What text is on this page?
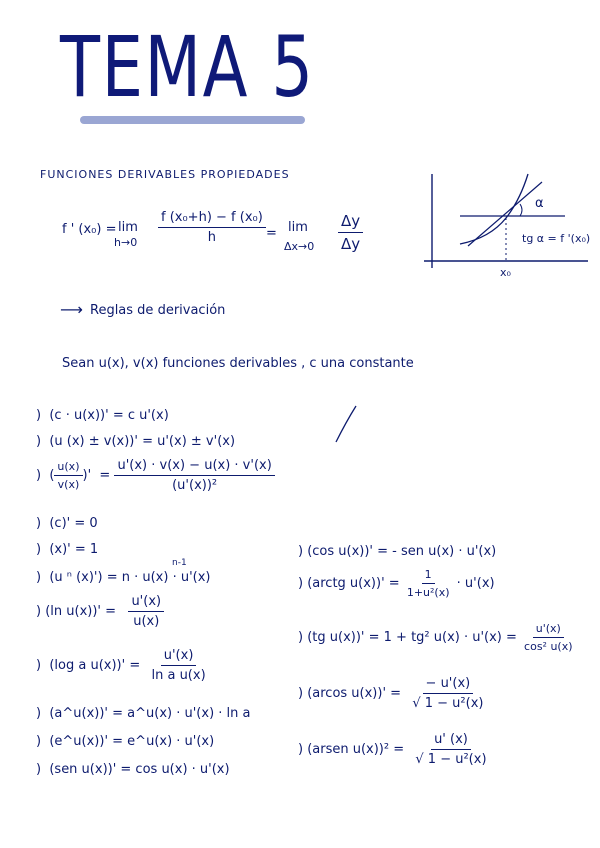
TEMA 5
FUNCIONES DERIVABLES PROPIEDADES
f ' (x₀) = lim
$h\to 0 \frac{\text{f (x₀+h) − f (x₀)}}{h} = \lim$
$\Delta x\to 0 \frac{\Delta y}{\Delta y}$
α
tg α = f '(x₀)
x₀
⟶ Reglas de derivación
Sean u(x), v(x) funciones derivables , c una constante
) (c · u(x))' = c u'(x)
) (u (x) ± v(x))' = u'(x) ± v'(x)
)  ( $\frac{u(x)}{v(x)}$ )'  = $\frac{u'(x) \cdot v(x) - u(x) \cdot v'(x)}{\text{(u'(x))²}}$
) (c)' = 0
) (x)' = 1
n-1
) (u ⁿ (x)') = n · u(x) · u'(x)
) (ln $u(x))' = \frac{u'(x)}{u(x)}$
) (log a $u(x))' = \frac{u'(x)}{\text{ln a u(x)}}$
) (a^u(x))' = a^u(x) · u'(x) · ln a
) (e^u(x))' = e^u(x) · u'(x)
) (sen u(x))' = cos u(x) · u'(x)
) (cos u(x))' = - sen u(x) · u'(x)
) (arctg $u(x))' = \frac{1}{\text{1+u²(x)}} \cdot u'(x)$
) (tg u(x))' = 1 + tg² $u(x) \cdot u'(x) = \frac{u'(x)}{\text{cos² u(x)}}$
) (arcos $u(x))' = \frac{- u'(x)}{\text{√ 1 − u²(x)}}$
) (arsen $u(x))^2 = \frac{u' (x)}{\text{√ 1 − u²(x)}}$
